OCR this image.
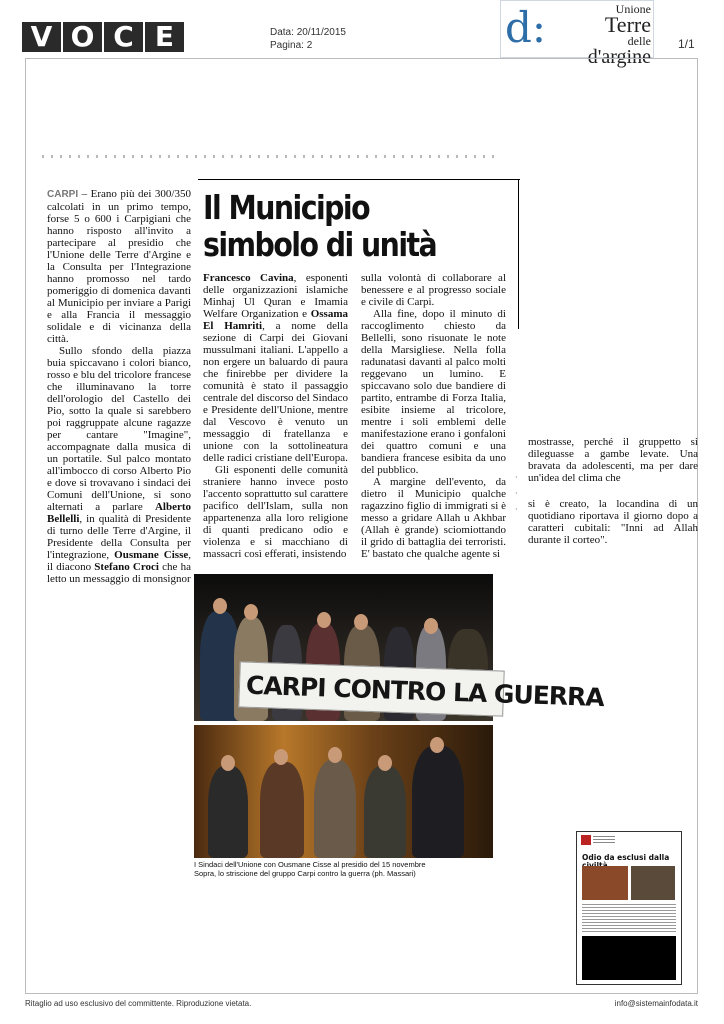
V O C E	Data: 20/11/2015
Pagina: 2	d:	Unione
Terre
delle
d'argine
1/1
·
·
·
Il Municipio
simbolo di unità

CARPI – Erano più dei 300/350 calcolati in un primo tempo, forse 5 o 600 i Carpigiani che hanno risposto all'invito a partecipare al presidio che l'Unione delle Terre d'Argine e la Consulta per l'Integrazione hanno promosso nel tardo pomeriggio di domenica davanti al Municipio per inviare a Parigi e alla Francia il messaggio solidale e di vicinanza della città.

Sullo sfondo della piazza buia spiccavano i colori bianco, rosso e blu del tricolore francese che illuminavano la torre dell'orologio del Castello dei Pio, sotto la quale si sarebbero poi raggruppate alcune ragazze per cantare "Imagine", accompagnate dalla musica di un portatile. Sul palco montato all'imbocco di corso Alberto Pio e dove si trovavano i sindaci dei Comuni dell'Unione, si sono alternati a parlare Alberto Bellelli, in qualità di Presidente di turno delle Terre d'Argine, il Presidente della Consulta per l'integrazione, Ousmane Cisse, il diacono Stefano Croci che ha letto un messaggio di monsignor

Francesco Cavina, esponenti delle organizzazioni islamiche Minhaj Ul Quran e Imamia Welfare Organization e Ossama El Hamriti, a nome della sezione di Carpi dei Giovani mussulmani italiani. L'appello a non ergere un baluardo di paura che finirebbe per dividere la comunità è stato il passaggio centrale del discorso del Sindaco e Presidente dell'Unione, mentre dal Vescovo è venuto un messaggio di fratellanza e unione con la sottolineatura delle radici cristiane dell'Europa.

Gli esponenti delle comunità straniere hanno invece posto l'accento soprattutto sul carattere pacifico dell'Islam, sulla non appartenenza alla loro religione di quanti predicano odio e violenza e si macchiano di massacri così efferati, insistendo

sulla volontà di collaborare al benessere e al progresso sociale e civile di Carpi.

Alla fine, dopo il minuto di raccoglimento chiesto da Bellelli, sono risuonate le note della Marsigliese. Nella folla radunatasi davanti al palco molti reggevano un lumino. E spiccavano solo due bandiere di partito, entrambe di Forza Italia, esibite insieme al tricolore, mentre i soli emblemi delle manifestazione erano i gonfaloni dei quattro comuni e una bandiera francese esibita da uno del pubblico.

A margine dell'evento, da dietro il Municipio qualche ragazzino figlio di immigrati si è messo a gridare Allah u Akhbar (Allah è grande) sciomiottando il grido di battaglia dei terroristi. E' bastato che qualche agente si

mostrasse, perché il gruppetto si dileguasse a gambe levate. Una bravata da adolescenti, ma per dare un'idea del clima che

si è creato, la locandina di un quotidiano riportava il giorno dopo a caratteri cubitali: "Inni ad Allah durante il corteo".

CARPI CONTRO LA GUERRA
I Sindaci dell'Unione con Ousmane Cisse al presidio del 15 novembre
Sopra, lo striscione del gruppo Carpi contro la guerra (ph. Massari)
Odio da esclusi dalla
Ritaglio ad uso esclusivo del committente. Riproduzione vietata.	info@sistemainfodata.it
